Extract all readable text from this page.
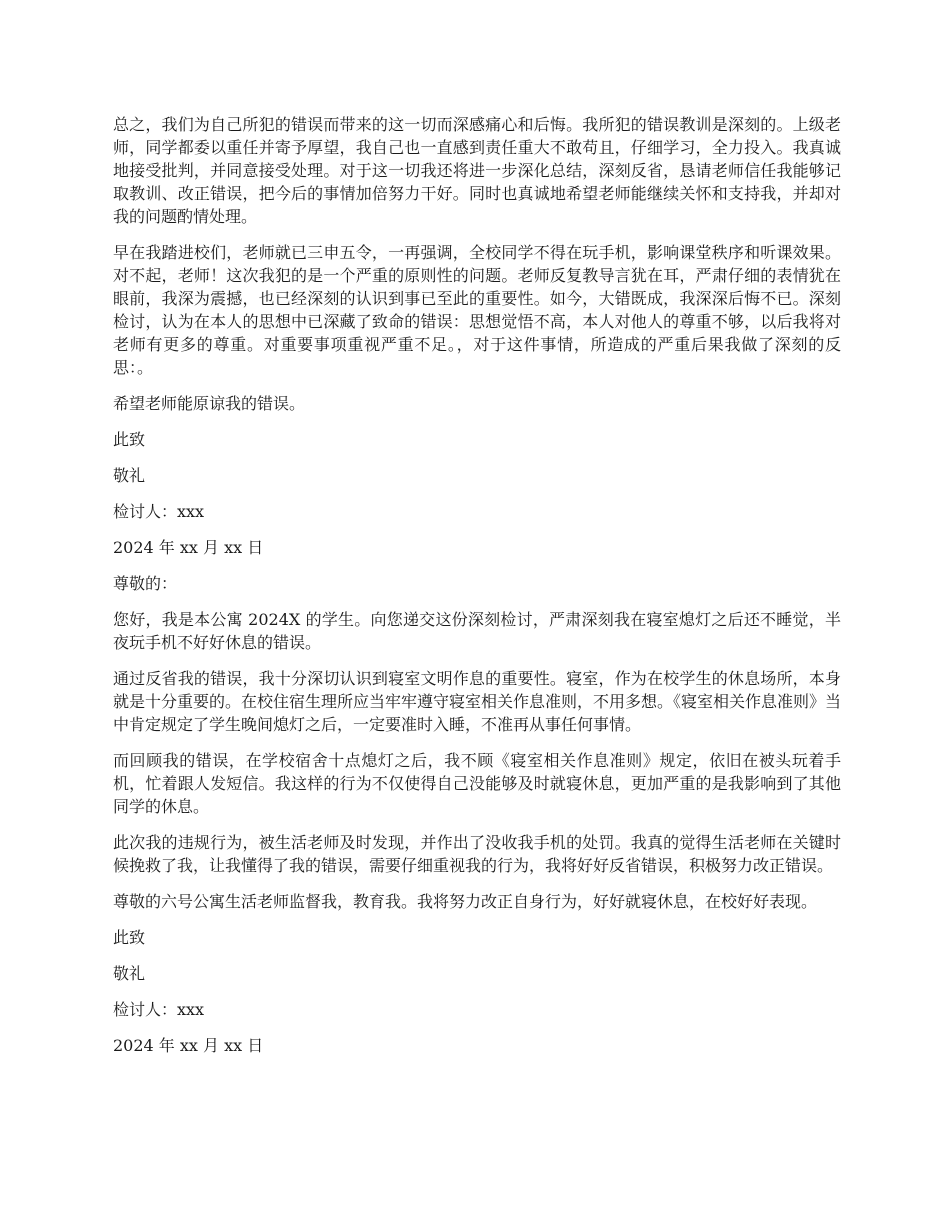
总之，我们为自己所犯的错误而带来的这一切而深感痛心和后悔。我所犯的错误教训是深刻的。上级老师，同学都委以重任并寄予厚望，我自己也一直感到责任重大不敢苟且，仔细学习，全力投入。我真诚地接受批判，并同意接受处理。对于这一切我还将进一步深化总结，深刻反省，恳请老师信任我能够记取教训、改正错误，把今后的事情加倍努力干好。同时也真诚地希望老师能继续关怀和支持我，并却对我的问题酌情处理。

早在我踏进校们，老师就已三申五令，一再强调，全校同学不得在玩手机，影响课堂秩序和听课效果。对不起，老师！这次我犯的是一个严重的原则性的问题。老师反复教导言犹在耳，严肃仔细的表情犹在眼前，我深为震撼，也已经深刻的认识到事已至此的重要性。如今，大错既成，我深深后悔不已。深刻检讨，认为在本人的思想中已深藏了致命的错误：思想觉悟不高，本人对他人的尊重不够，以后我将对老师有更多的尊重。对重要事项重视严重不足。，对于这件事情，所造成的严重后果我做了深刻的反思：。

希望老师能原谅我的错误。

此致

敬礼

检讨人：xxx

2024 年 xx 月 xx 日

尊敬的：

您好，我是本公寓 2024X 的学生。向您递交这份深刻检讨，严肃深刻我在寝室熄灯之后还不睡觉，半夜玩手机不好好休息的错误。

通过反省我的错误，我十分深切认识到寝室文明作息的重要性。寝室，作为在校学生的休息场所，本身就是十分重要的。在校住宿生理所应当牢牢遵守寝室相关作息准则，不用多想。《寝室相关作息准则》当中肯定规定了学生晚间熄灯之后，一定要准时入睡，不准再从事任何事情。

而回顾我的错误，在学校宿舍十点熄灯之后，我不顾《寝室相关作息准则》规定，依旧在被头玩着手机，忙着跟人发短信。我这样的行为不仅使得自己没能够及时就寝休息，更加严重的是我影响到了其他同学的休息。

此次我的违规行为，被生活老师及时发现，并作出了没收我手机的处罚。我真的觉得生活老师在关键时候挽救了我，让我懂得了我的错误，需要仔细重视我的行为，我将好好反省错误，积极努力改正错误。

尊敬的六号公寓生活老师监督我，教育我。我将努力改正自身行为，好好就寝休息，在校好好表现。

此致

敬礼

检讨人：xxx

2024 年 xx 月 xx 日
